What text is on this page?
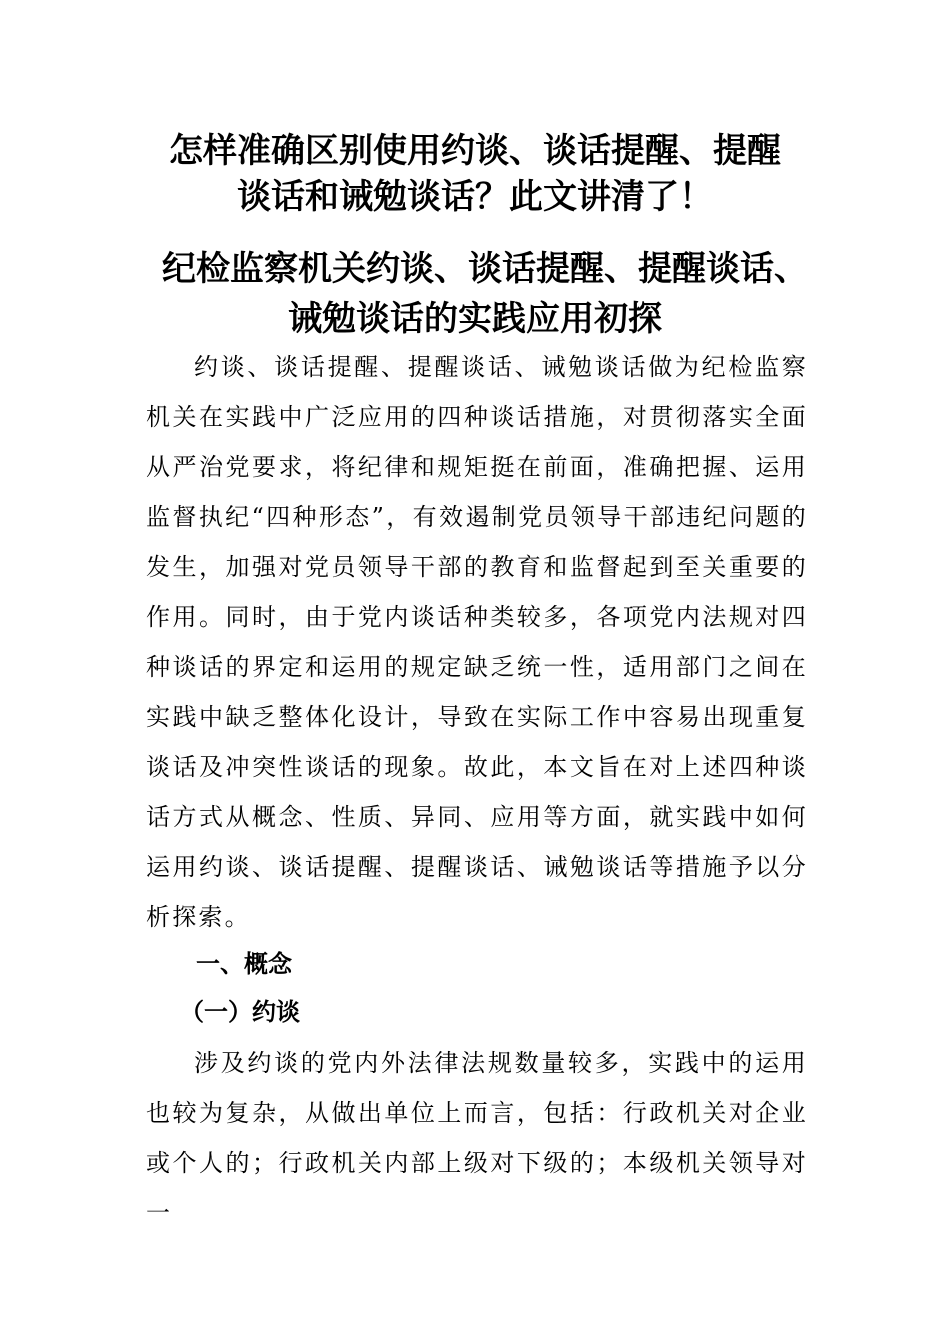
怎样准确区别使用约谈、谈话提醒、提醒
谈话和诫勉谈话？此文讲清了！
纪检监察机关约谈、谈话提醒、提醒谈话、
诫勉谈话的实践应用初探

约谈、谈话提醒、提醒谈话、诫勉谈话做为纪检监察机关在实践中广泛应用的四种谈话措施，对贯彻落实全面从严治党要求，将纪律和规矩挺在前面，准确把握、运用监督执纪“四种形态”，有效遏制党员领导干部违纪问题的发生，加强对党员领导干部的教育和监督起到至关重要的作用。同时，由于党内谈话种类较多，各项党内法规对四种谈话的界定和运用的规定缺乏统一性，适用部门之间在实践中缺乏整体化设计，导致在实际工作中容易出现重复谈话及冲突性谈话的现象。故此，本文旨在对上述四种谈话方式从概念、性质、异同、应用等方面，就实践中如何运用约谈、谈话提醒、提醒谈话、诫勉谈话等措施予以分析探索。

一、概念
（一）约谈

涉及约谈的党内外法律法规数量较多，实践中的运用也较为复杂，从做出单位上而言，包括：行政机关对企业或个人的；行政机关内部上级对下级的；本级机关领导对一
